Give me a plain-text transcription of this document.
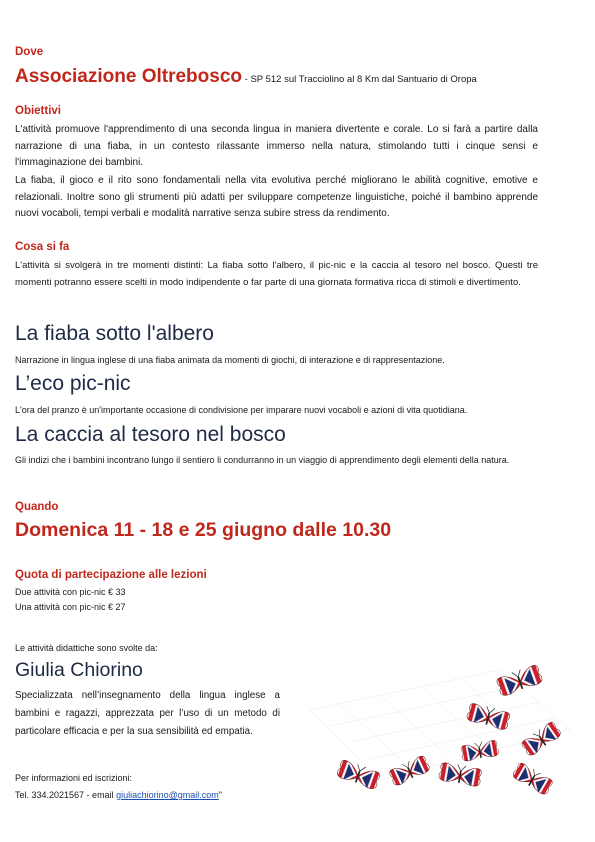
Dove
Associazione Oltrebosco - SP 512 sul Tracciolino al 8 Km dal Santuario di Oropa
Obiettivi
L'attività promuove l'apprendimento di una seconda lingua in maniera divertente e corale. Lo si farà a partire dalla narrazione di una fiaba, in un contesto rilassante immerso nella natura, stimolando tutti i cinque sensi e l'immaginazione dei bambini.
La fiaba, il gioco e il rito sono fondamentali nella vita evolutiva perché migliorano le abilità cognitive, emotive e relazionali. Inoltre sono gli strumenti più adatti per sviluppare competenze linguistiche, poiché il bambino apprende nuovi vocaboli, tempi verbali e modalità narrative senza subire stress da rendimento.
Cosa si fa
L'attività si svolgerà in tre momenti distinti: La fiaba sotto l'albero, il pic-nic e la caccia al tesoro nel bosco. Questi tre momenti potranno essere scelti in modo indipendente o far parte di una giornata formativa ricca di stimoli e divertimento.
La fiaba sotto l'albero
Narrazione in lingua inglese di una fiaba animata da momenti di giochi, di interazione e di rappresentazione.
L’eco pic-nic
L'ora del pranzo è un'importante occasione di condivisione per imparare nuovi vocaboli e azioni di vita quotidiana.
La caccia al tesoro nel bosco
Gli indizi che i bambini incontrano lungo il sentiero li condurranno in un viaggio di apprendimento degli elementi della natura.
Quando
Domenica 11 - 18 e 25 giugno dalle 10.30
Quota di partecipazione alle lezioni
Due attività con pic-nic € 33
Una attività con pic-nic € 27
Le attività didattiche sono svolte da:
Giulia Chiorino
Specializzata nell’insegnamento della lingua inglese a bambini e ragazzi, apprezzata per l’uso di un metodo di particolare efficacia e per la sua sensibilità ed empatia.
Per informazioni ed iscrizioni:
Tel. 334.2021567 - email giuliachiorino@gmail.com"
